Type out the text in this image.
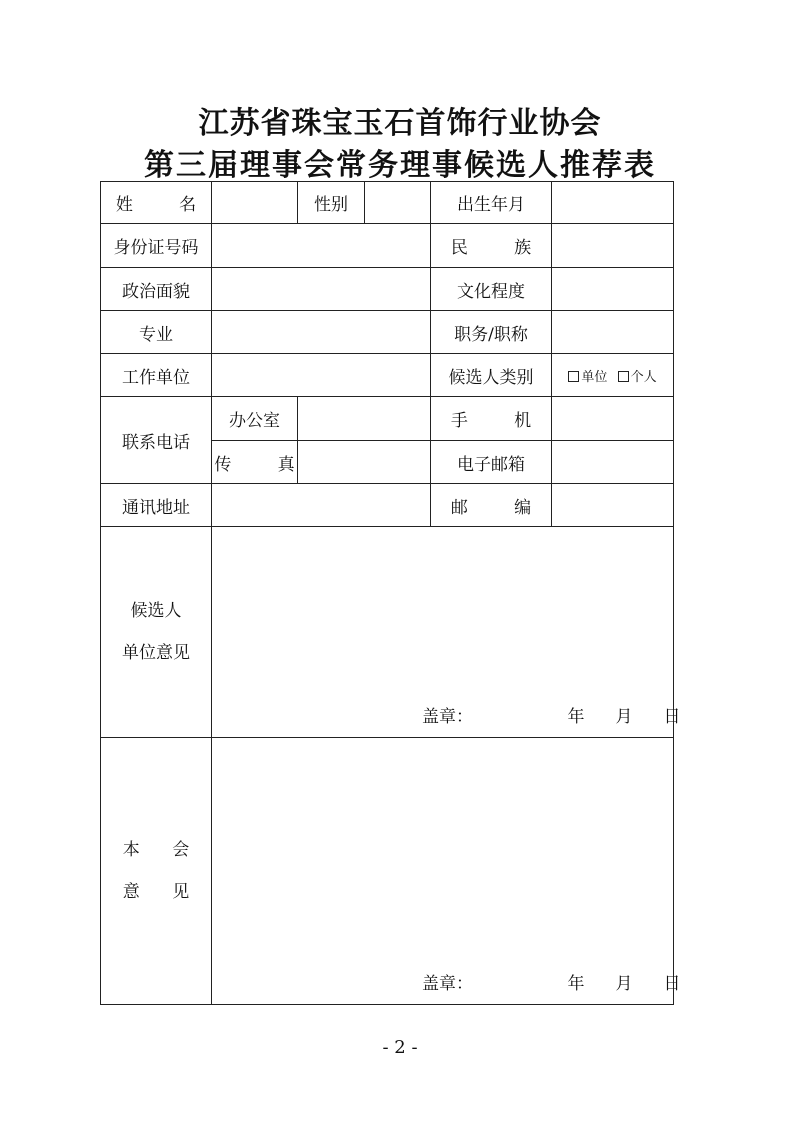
江苏省珠宝玉石首饰行业协会
第三届理事会常务理事候选人推荐表
姓 名		性别		出生年月	
身份证号码				民 族	
政治面貌				文化程度	
专业				职务/职称	
工作单位				候选人类别	单位 个人
联系电话	办公室			手 机	
	传 真			电子邮箱	
通讯地址				邮 编	

候选人
单位意见	盖章： 年 月 日				

本 会
意 见	盖章： 年 月 日				
- 2 -
